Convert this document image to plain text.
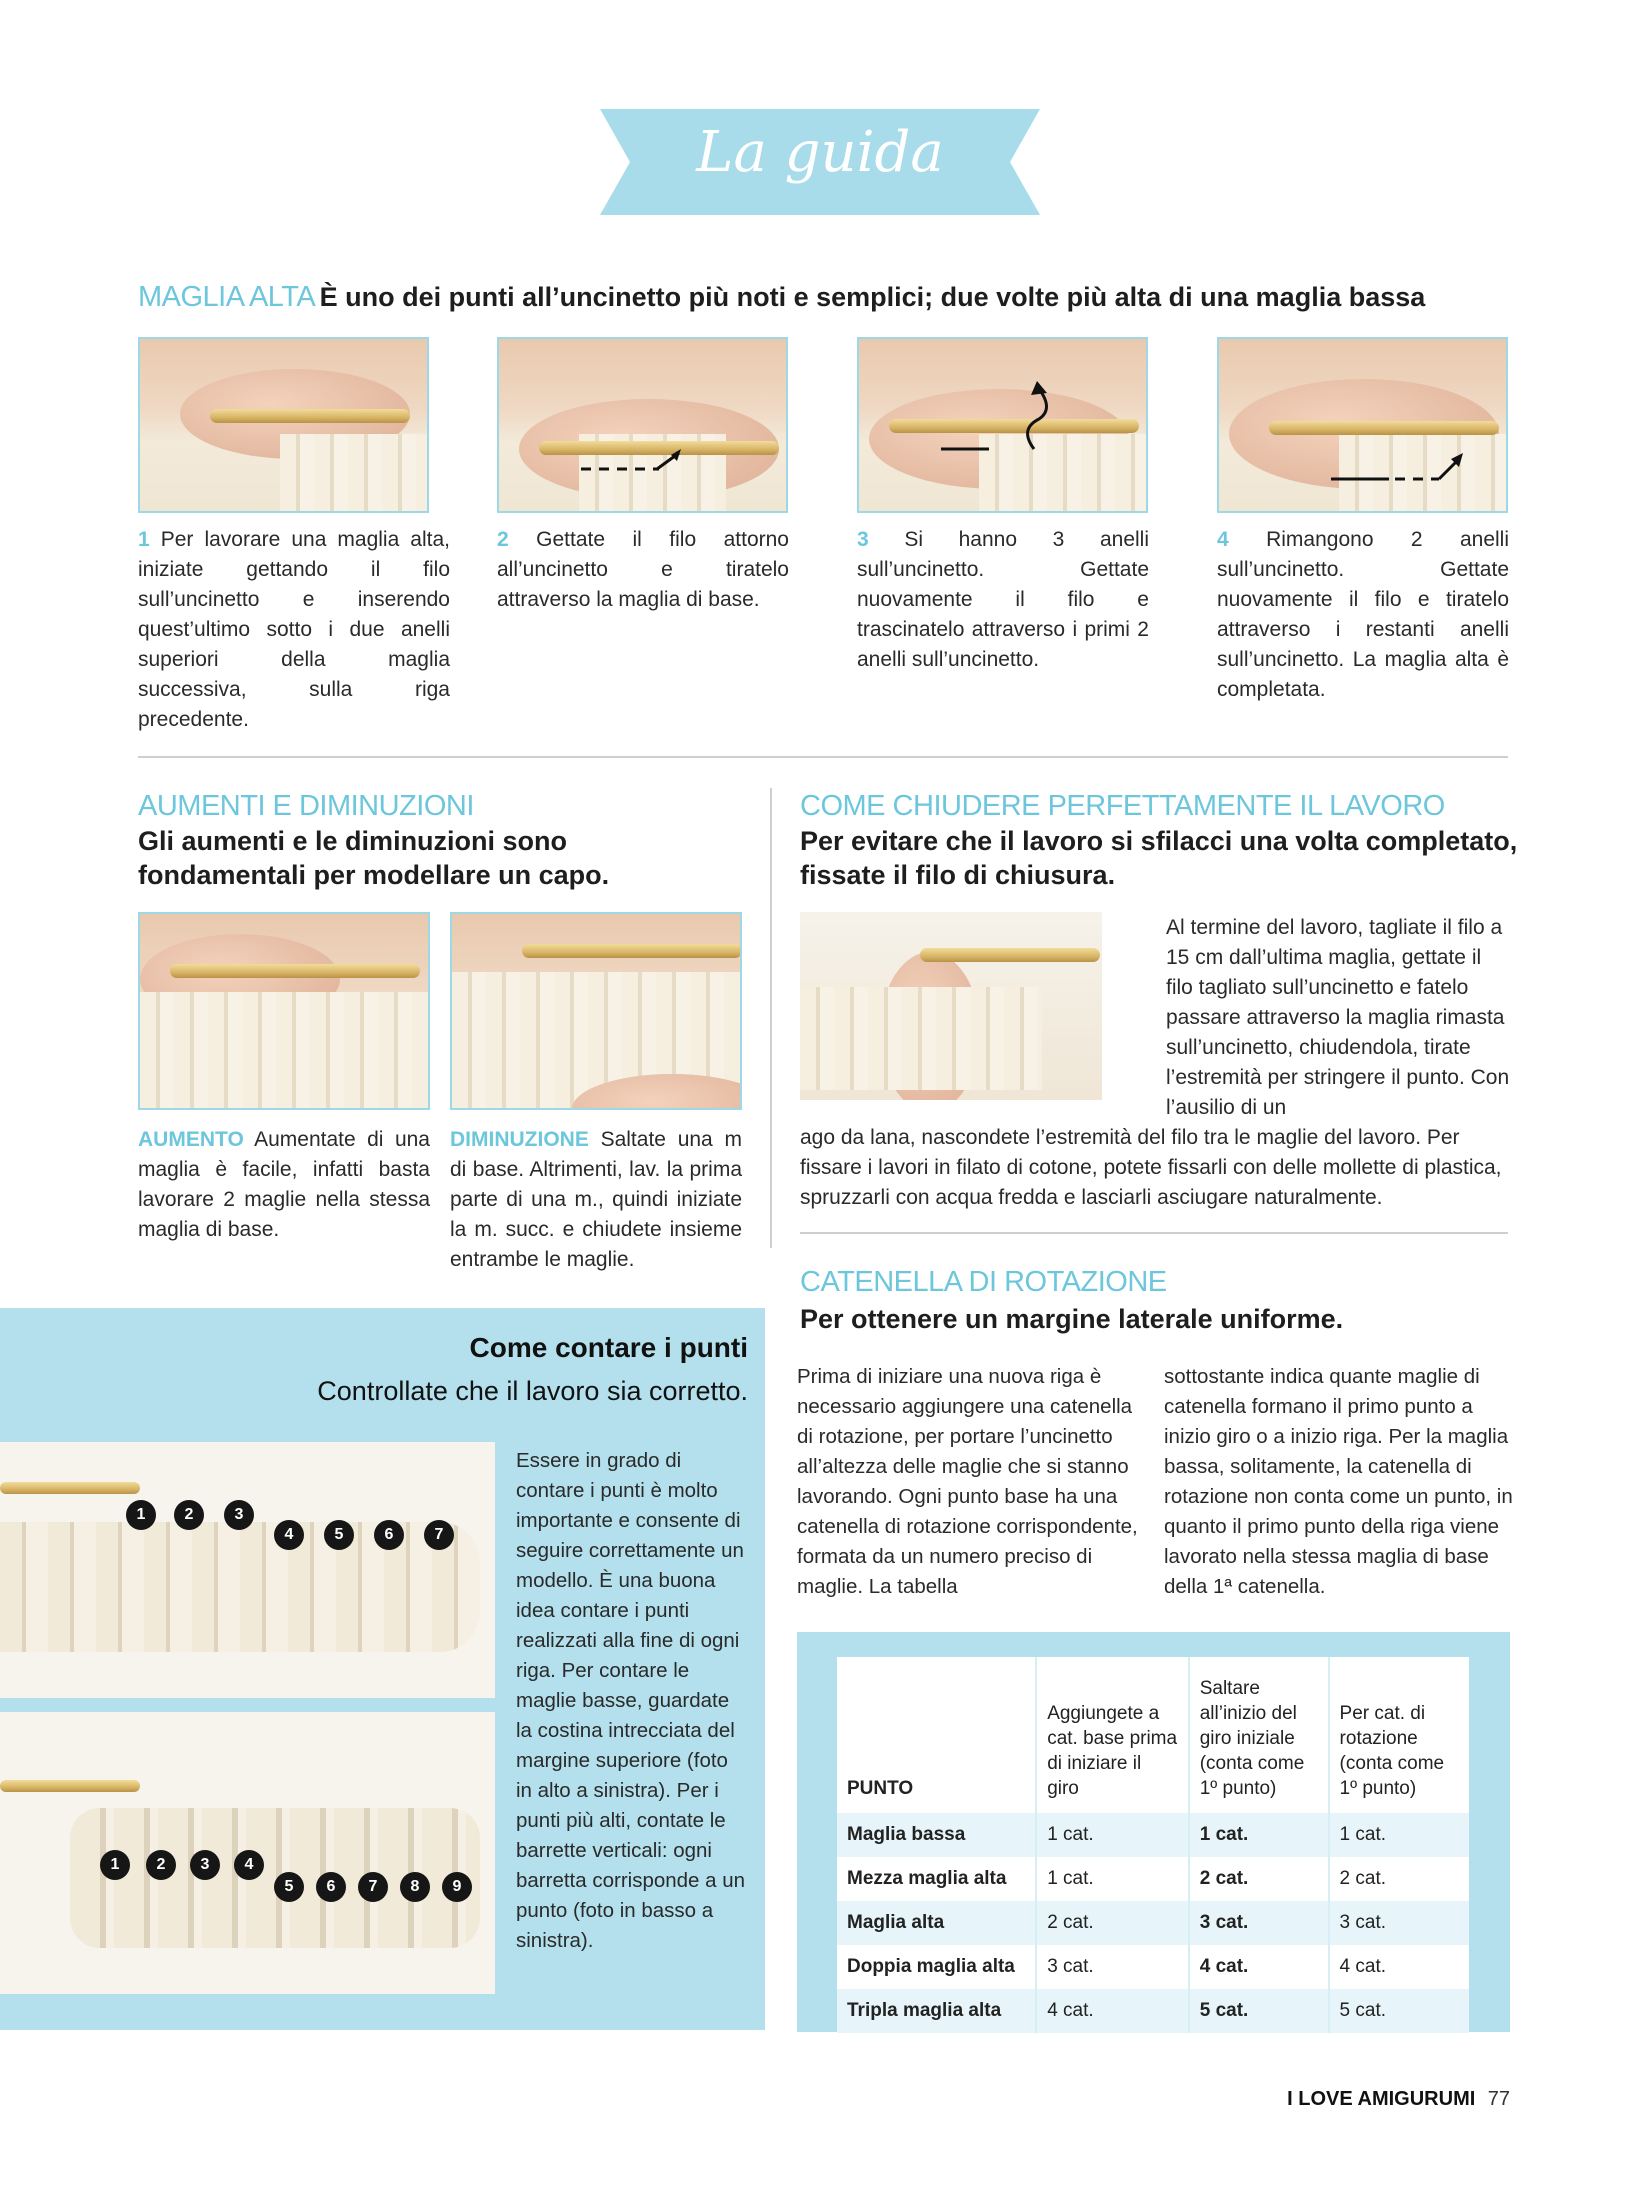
La guida
MAGLIA ALTA È uno dei punti all’uncinetto più noti e semplici; due volte più alta di una maglia bassa
1 Per lavorare una maglia alta, iniziate gettando il filo sull’uncinetto e inserendo quest’ultimo sotto i due anelli superiori della maglia successiva, sulla riga precedente.
2 Gettate il filo attorno all’uncinetto e tiratelo attraverso la maglia di base.
3 Si hanno 3 anelli sull’uncinetto. Gettate nuovamente il filo e trascinatelo attraverso i primi 2 anelli sull’uncinetto.
4 Rimangono 2 anelli sull’uncinetto. Gettate nuovamente il filo e tiratelo attraverso i restanti anelli sull’uncinetto. La maglia alta è completata.
AUMENTI E DIMINUZIONI
Gli aumenti e le diminuzioni sono fondamentali per modellare un capo.
AUMENTO Aumentate di una maglia è facile, infatti basta lavorare 2 maglie nella stessa maglia di base.
DIMINUZIONE Saltate una m di base. Altrimenti, lav. la prima parte di una m., quindi iniziate la m. succ. e chiudete insieme entrambe le maglie.
COME CHIUDERE PERFETTAMENTE IL LAVORO
Per evitare che il lavoro si sfilacci una volta completato, fissate il filo di chiusura.
Al termine del lavoro, tagliate il filo a 15 cm dall’ultima maglia, gettate il filo tagliato sull’uncinetto e fatelo passare attraverso la maglia rimasta sull’uncinetto, chiudendola, tirate l’estremità per stringere il punto. Con l’ausilio di un
ago da lana, nascondete l’estremità del filo tra le maglie del lavoro. Per fissare i lavori in filato di cotone, potete fissarli con delle mollette di plastica, spruzzarli con acqua fredda e lasciarli asciugare naturalmente.
Come contare i punti
Controllate che il lavoro sia corretto.
1	2	3
4	5	6	7
1	2	3	4
5	6	7	8	9
Essere in grado di contare i punti è molto importante e consente di seguire correttamente un modello. È una buona idea contare i punti realizzati alla fine di ogni riga. Per contare le maglie basse, guardate la costina intrecciata del margine superiore (foto in alto a sinistra). Per i punti più alti, contate le barrette verticali: ogni barretta corrisponde a un punto (foto in basso a sinistra).
CATENELLA DI ROTAZIONE
Per ottenere un margine laterale uniforme.
Prima di iniziare una nuova riga è necessario aggiungere una catenella di rotazione, per portare l’uncinetto all’altezza delle maglie che si stanno lavorando. Ogni punto base ha una catenella di rotazione corrispondente, formata da un numero preciso di maglie. La tabella
sottostante indica quante maglie di catenella formano il primo punto a inizio giro o a inizio riga. Per la maglia bassa, solitamente, la catenella di rotazione non conta come un punto, in quanto il primo punto della riga viene lavorato nella stessa maglia di base della 1ª catenella.
PUNTO	Aggiungete a cat. base prima di iniziare il giro	Saltare all’inizio del giro iniziale (conta come 1º punto)	Per cat. di rotazione (conta come 1º punto)
Maglia bassa	1 cat.	1 cat.	1 cat.
Mezza maglia alta	1 cat.	2 cat.	2 cat.
Maglia alta	2 cat.	3 cat.	3 cat.
Doppia maglia alta	3 cat.	4 cat.	4 cat.
Tripla maglia alta	4 cat.	5 cat.	5 cat.
I LOVE AMIGURUMI 77
